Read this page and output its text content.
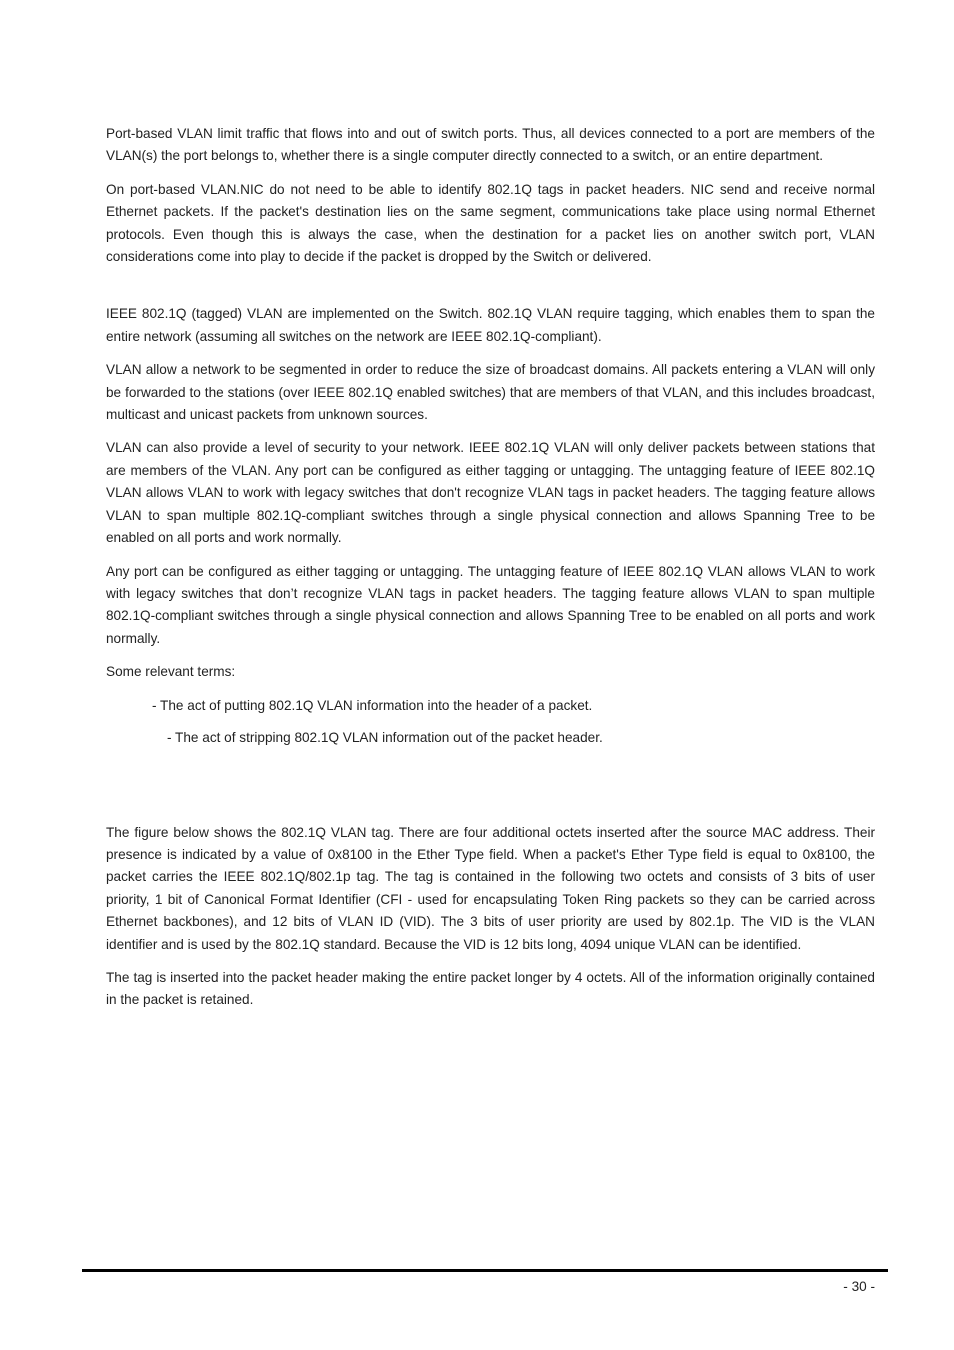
Port-based VLAN limit traffic that flows into and out of switch ports. Thus, all devices connected to a port are members of the VLAN(s) the port belongs to, whether there is a single computer directly connected to a switch, or an entire department.

On port-based VLAN.NIC do not need to be able to identify 802.1Q tags in packet headers. NIC send and receive normal Ethernet packets. If the packet's destination lies on the same segment, communications take place using normal Ethernet protocols. Even though this is always the case, when the destination for a packet lies on another switch port, VLAN considerations come into play to decide if the packet is dropped by the Switch or delivered.

IEEE 802.1Q (tagged) VLAN are implemented on the Switch. 802.1Q VLAN require tagging, which enables them to span the entire network (assuming all switches on the network are IEEE 802.1Q-compliant).

VLAN allow a network to be segmented in order to reduce the size of broadcast domains. All packets entering a VLAN will only be forwarded to the stations (over IEEE 802.1Q enabled switches) that are members of that VLAN, and this includes broadcast, multicast and unicast packets from unknown sources.

VLAN can also provide a level of security to your network. IEEE 802.1Q VLAN will only deliver packets between stations that are members of the VLAN. Any port can be configured as either tagging or untagging. The untagging feature of IEEE 802.1Q VLAN allows VLAN to work with legacy switches that don't recognize VLAN tags in packet headers. The tagging feature allows VLAN to span multiple 802.1Q-compliant switches through a single physical connection and allows Spanning Tree to be enabled on all ports and work normally.

Any port can be configured as either tagging or untagging. The untagging feature of IEEE 802.1Q VLAN allows VLAN to work with legacy switches that don’t recognize VLAN tags in packet headers. The tagging feature allows VLAN to span multiple 802.1Q-compliant switches through a single physical connection and allows Spanning Tree to be enabled on all ports and work normally.

Some relevant terms:

- The act of putting 802.1Q VLAN information into the header of a packet.

- The act of stripping 802.1Q VLAN information out of the packet header.

The figure below shows the 802.1Q VLAN tag. There are four additional octets inserted after the source MAC address. Their presence is indicated by a value of 0x8100 in the Ether Type field. When a packet's Ether Type field is equal to 0x8100, the packet carries the IEEE 802.1Q/802.1p tag. The tag is contained in the following two octets and consists of 3 bits of user priority, 1 bit of Canonical Format Identifier (CFI - used for encapsulating Token Ring packets so they can be carried across Ethernet backbones), and 12 bits of VLAN ID (VID). The 3 bits of user priority are used by 802.1p. The VID is the VLAN identifier and is used by the 802.1Q standard. Because the VID is 12 bits long, 4094 unique VLAN can be identified.

The tag is inserted into the packet header making the entire packet longer by 4 octets. All of the information originally contained in the packet is retained.

- 30 -
